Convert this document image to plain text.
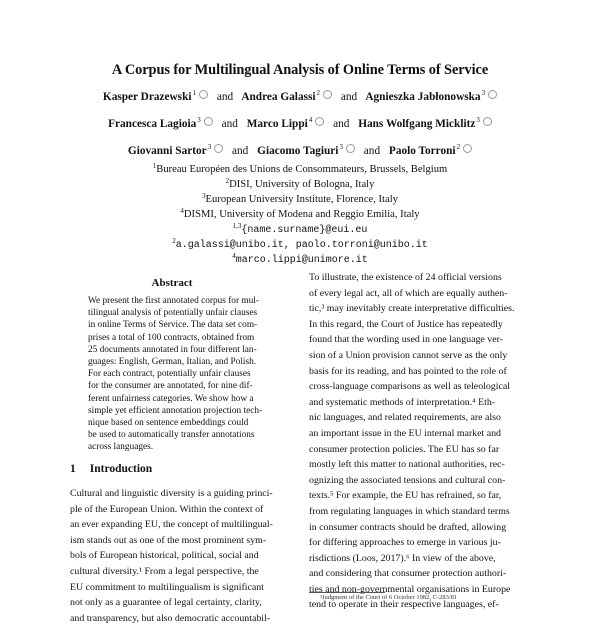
A Corpus for Multilingual Analysis of Online Terms of Service
Kasper Drazewski$^1$ and Andrea Galassi$^2$ and Agnieszka Jabłonowska$^3$
Francesca Lagioia$^3$ and Marco Lippi$^4$ and Hans Wolfgang Micklitz$^3$
Giovanni Sartor$^3$ and Giacomo Tagiuri$^3$ and Paolo Torroni$^2$
$^1$Bureau Européen des Unions de Consommateurs, Brussels, Belgium
$^2$DISI, University of Bologna, Italy
$^3$European University Institute, Florence, Italy
$^4$DISMI, University of Modena and Reggio Emilia, Italy
$^{1,3}${name.surname}@eui.eu
$^2$a.galassi@unibo.it, paolo.torroni@unibo.it
$^4$marco.lippi@unimore.it
Abstract
We present the first annotated corpus for mul-
tilingual analysis of potentially unfair clauses
in online Terms of Service. The data set com-
prises a total of 100 contracts, obtained from
25 documents annotated in four different lan-
guages: English, German, Italian, and Polish.
For each contract, potentially unfair clauses
for the consumer are annotated, for nine dif-
ferent unfairness categories. We show how a
simple yet efficient annotation projection tech-
nique based on sentence embeddings could
be used to automatically transfer annotations
across languages.
1 Introduction
Cultural and linguistic diversity is a guiding princi-
ple of the European Union. Within the context of
an ever expanding EU, the concept of multilingual-
ism stands out as one of the most prominent sym-
bols of European historical, political, social and
cultural diversity.¹ From a legal perspective, the
EU commitment to multilingualism is significant
not only as a guarantee of legal certainty, clarity,
and transparency, but also democratic accountabil-
To illustrate, the existence of 24 official versions
of every legal act, all of which are equally authen-
tic,³ may inevitably create interpretative difficulties.
In this regard, the Court of Justice has repeatedly
found that the wording used in one language ver-
sion of a Union provision cannot serve as the only
basis for its reading, and has pointed to the role of
cross-language comparisons as well as teleological
and systematic methods of interpretation.⁴ Eth-
nic languages, and related requirements, are also
an important issue in the EU internal market and
consumer protection policies. The EU has so far
mostly left this matter to national authorities, rec-
ognizing the associated tensions and cultural con-
texts.⁵ For example, the EU has refrained, so far,
from regulating languages in which standard terms
in consumer contracts should be drafted, allowing
for differing approaches to emerge in various ju-
risdictions (Loos, 2017).⁶ In view of the above,
and considering that consumer protection authori-
ties and non-governmental organisations in Europe
tend to operate in their respective languages, ef-
³Judgment of the Court of 6 October 1982, C-283/81
